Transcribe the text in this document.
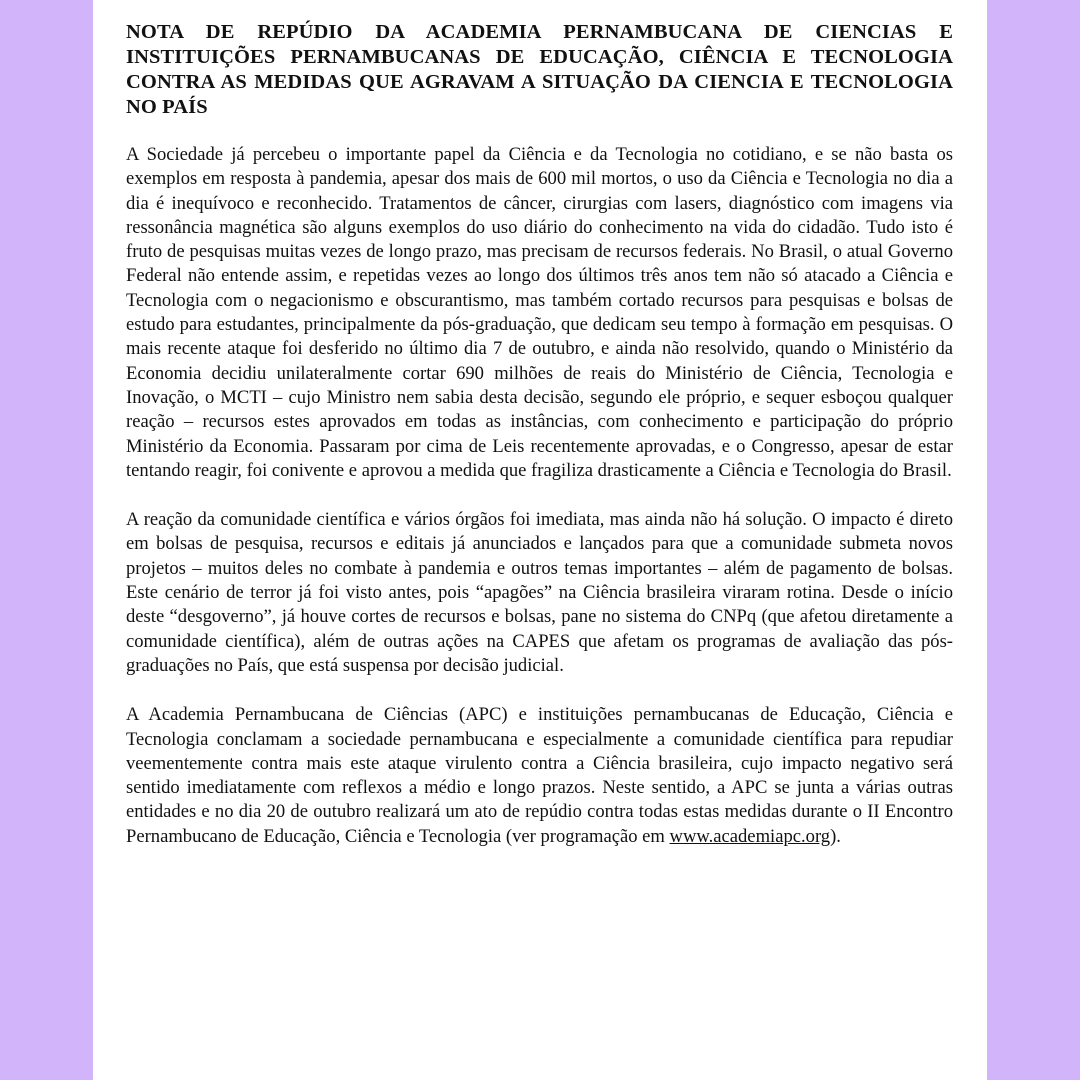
NOTA DE REPÚDIO DA ACADEMIA PERNAMBUCANA DE CIENCIAS E INSTITUIÇÕES PERNAMBUCANAS DE EDUCAÇÃO, CIÊNCIA E TECNOLOGIA CONTRA AS MEDIDAS QUE AGRAVAM A SITUAÇÃO DA CIENCIA E TECNOLOGIA NO PAÍS

A Sociedade já percebeu o importante papel da Ciência e da Tecnologia no cotidiano, e se não basta os exemplos em resposta à pandemia, apesar dos mais de 600 mil mortos, o uso da Ciência e Tecnologia no dia a dia é inequívoco e reconhecido. Tratamentos de câncer, cirurgias com lasers, diagnóstico com imagens via ressonância magnética são alguns exemplos do uso diário do conhecimento na vida do cidadão. Tudo isto é fruto de pesquisas muitas vezes de longo prazo, mas precisam de recursos federais. No Brasil, o atual Governo Federal não entende assim, e repetidas vezes ao longo dos últimos três anos tem não só atacado a Ciência e Tecnologia com o negacionismo e obscurantismo, mas também cortado recursos para pesquisas e bolsas de estudo para estudantes, principalmente da pós-graduação, que dedicam seu tempo à formação em pesquisas. O mais recente ataque foi desferido no último dia 7 de outubro, e ainda não resolvido, quando o Ministério da Economia decidiu unilateralmente cortar 690 milhões de reais do Ministério de Ciência, Tecnologia e Inovação, o MCTI – cujo Ministro nem sabia desta decisão, segundo ele próprio, e sequer esboçou qualquer reação – recursos estes aprovados em todas as instâncias, com conhecimento e participação do próprio Ministério da Economia. Passaram por cima de Leis recentemente aprovadas, e o Congresso, apesar de estar tentando reagir, foi conivente e aprovou a medida que fragiliza drasticamente a Ciência e Tecnologia do Brasil.

A reação da comunidade científica e vários órgãos foi imediata, mas ainda não há solução. O impacto é direto em bolsas de pesquisa, recursos e editais já anunciados e lançados para que a comunidade submeta novos projetos – muitos deles no combate à pandemia e outros temas importantes – além de pagamento de bolsas. Este cenário de terror já foi visto antes, pois “apagões” na Ciência brasileira viraram rotina. Desde o início deste “desgoverno”, já houve cortes de recursos e bolsas, pane no sistema do CNPq (que afetou diretamente a comunidade científica), além de outras ações na CAPES que afetam os programas de avaliação das pós-graduações no País, que está suspensa por decisão judicial.

A Academia Pernambucana de Ciências (APC) e instituições pernambucanas de Educação, Ciência e Tecnologia conclamam a sociedade pernambucana e especialmente a comunidade científica para repudiar veementemente contra mais este ataque virulento contra a Ciência brasileira, cujo impacto negativo será sentido imediatamente com reflexos a médio e longo prazos. Neste sentido, a APC se junta a várias outras entidades e no dia 20 de outubro realizará um ato de repúdio contra todas estas medidas durante o II Encontro Pernambucano de Educação, Ciência e Tecnologia (ver programação em www.academiapc.org).
